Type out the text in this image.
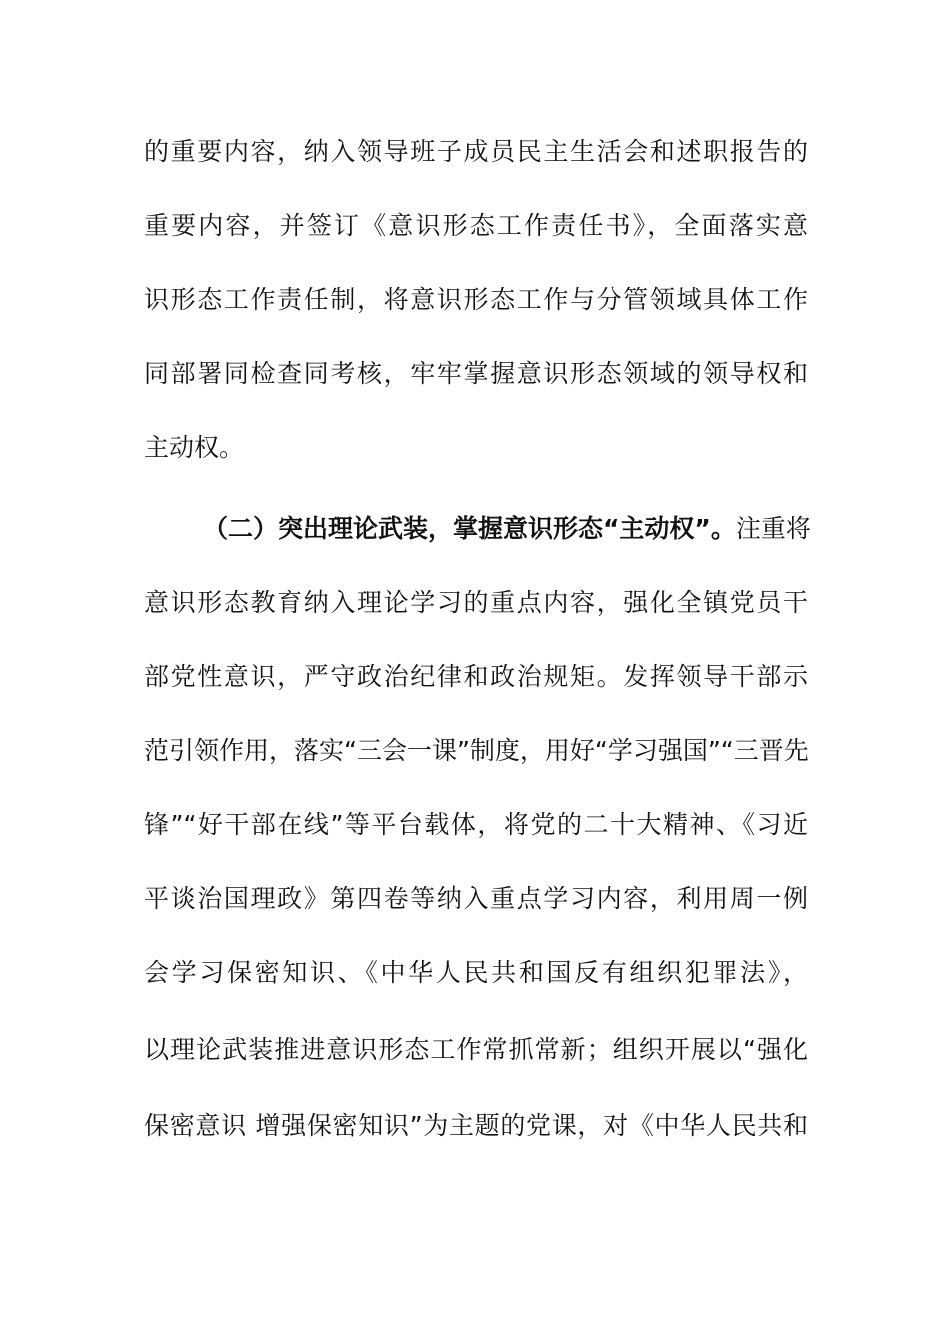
的重要内容，纳入领导班子成员民主生活会和述职报告的
重要内容，并签订《意识形态工作责任书》，全面落实意
识形态工作责任制，将意识形态工作与分管领域具体工作
同部署同检查同考核，牢牢掌握意识形态领域的领导权和
主动权。
（二）突出理论武装，掌握意识形态“主动权”。注重将
意识形态教育纳入理论学习的重点内容，强化全镇党员干
部党性意识，严守政治纪律和政治规矩。发挥领导干部示
范引领作用，落实“三会一课”制度，用好“学习强国”“三晋先
锋”“好干部在线”等平台载体，将党的二十大精神、《习近
平谈治国理政》第四卷等纳入重点学习内容，利用周一例
会学习保密知识、《中华人民共和国反有组织犯罪法》，
以理论武装推进意识形态工作常抓常新；组织开展以“强化
保密意识 增强保密知识”为主题的党课，对《中华人民共和
